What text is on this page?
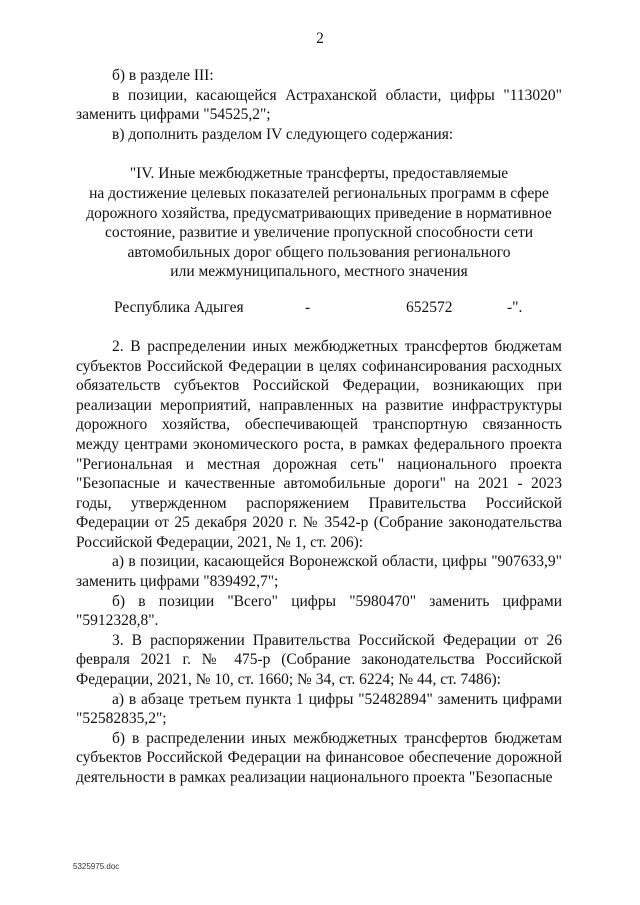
2

б) в разделе III:

в позиции, касающейся Астраханской области, цифры "113020" заменить цифрами "54525,2";

в) дополнить разделом IV следующего содержания:

"IV. Иные межбюджетные трансферты, предоставляемые
на достижение целевых показателей региональных программ в сфере
дорожного хозяйства, предусматривающих приведение в нормативное
состояние, развитие и увеличение пропускной способности сети
автомобильных дорог общего пользования регионального
или межмуниципального, местного значения
Республика Адыгея	-	652572	-".

2. В распределении иных межбюджетных трансфертов бюджетам субъектов Российской Федерации в целях софинансирования расходных обязательств субъектов Российской Федерации, возникающих при реализации мероприятий, направленных на развитие инфраструктуры дорожного хозяйства, обеспечивающей транспортную связанность между центрами экономического роста, в рамках федерального проекта "Региональная и местная дорожная сеть" национального проекта "Безопасные и качественные автомобильные дороги" на 2021 - 2023 годы, утвержденном распоряжением Правительства Российской Федерации от 25 декабря 2020 г. № 3542-р (Собрание законодательства Российской Федерации, 2021, № 1, ст. 206):

а) в позиции, касающейся Воронежской области, цифры "907633,9" заменить цифрами "839492,7";

б) в позиции "Всего" цифры "5980470" заменить цифрами "5912328,8".

3. В распоряжении Правительства Российской Федерации от 26 февраля 2021 г. № 475-р (Собрание законодательства Российской Федерации, 2021, № 10, ст. 1660; № 34, ст. 6224; № 44, ст. 7486):

а) в абзаце третьем пункта 1 цифры "52482894" заменить цифрами "52582835,2";

б) в распределении иных межбюджетных трансфертов бюджетам субъектов Российской Федерации на финансовое обеспечение дорожной деятельности в рамках реализации национального проекта "Безопасные

5325975.doc
